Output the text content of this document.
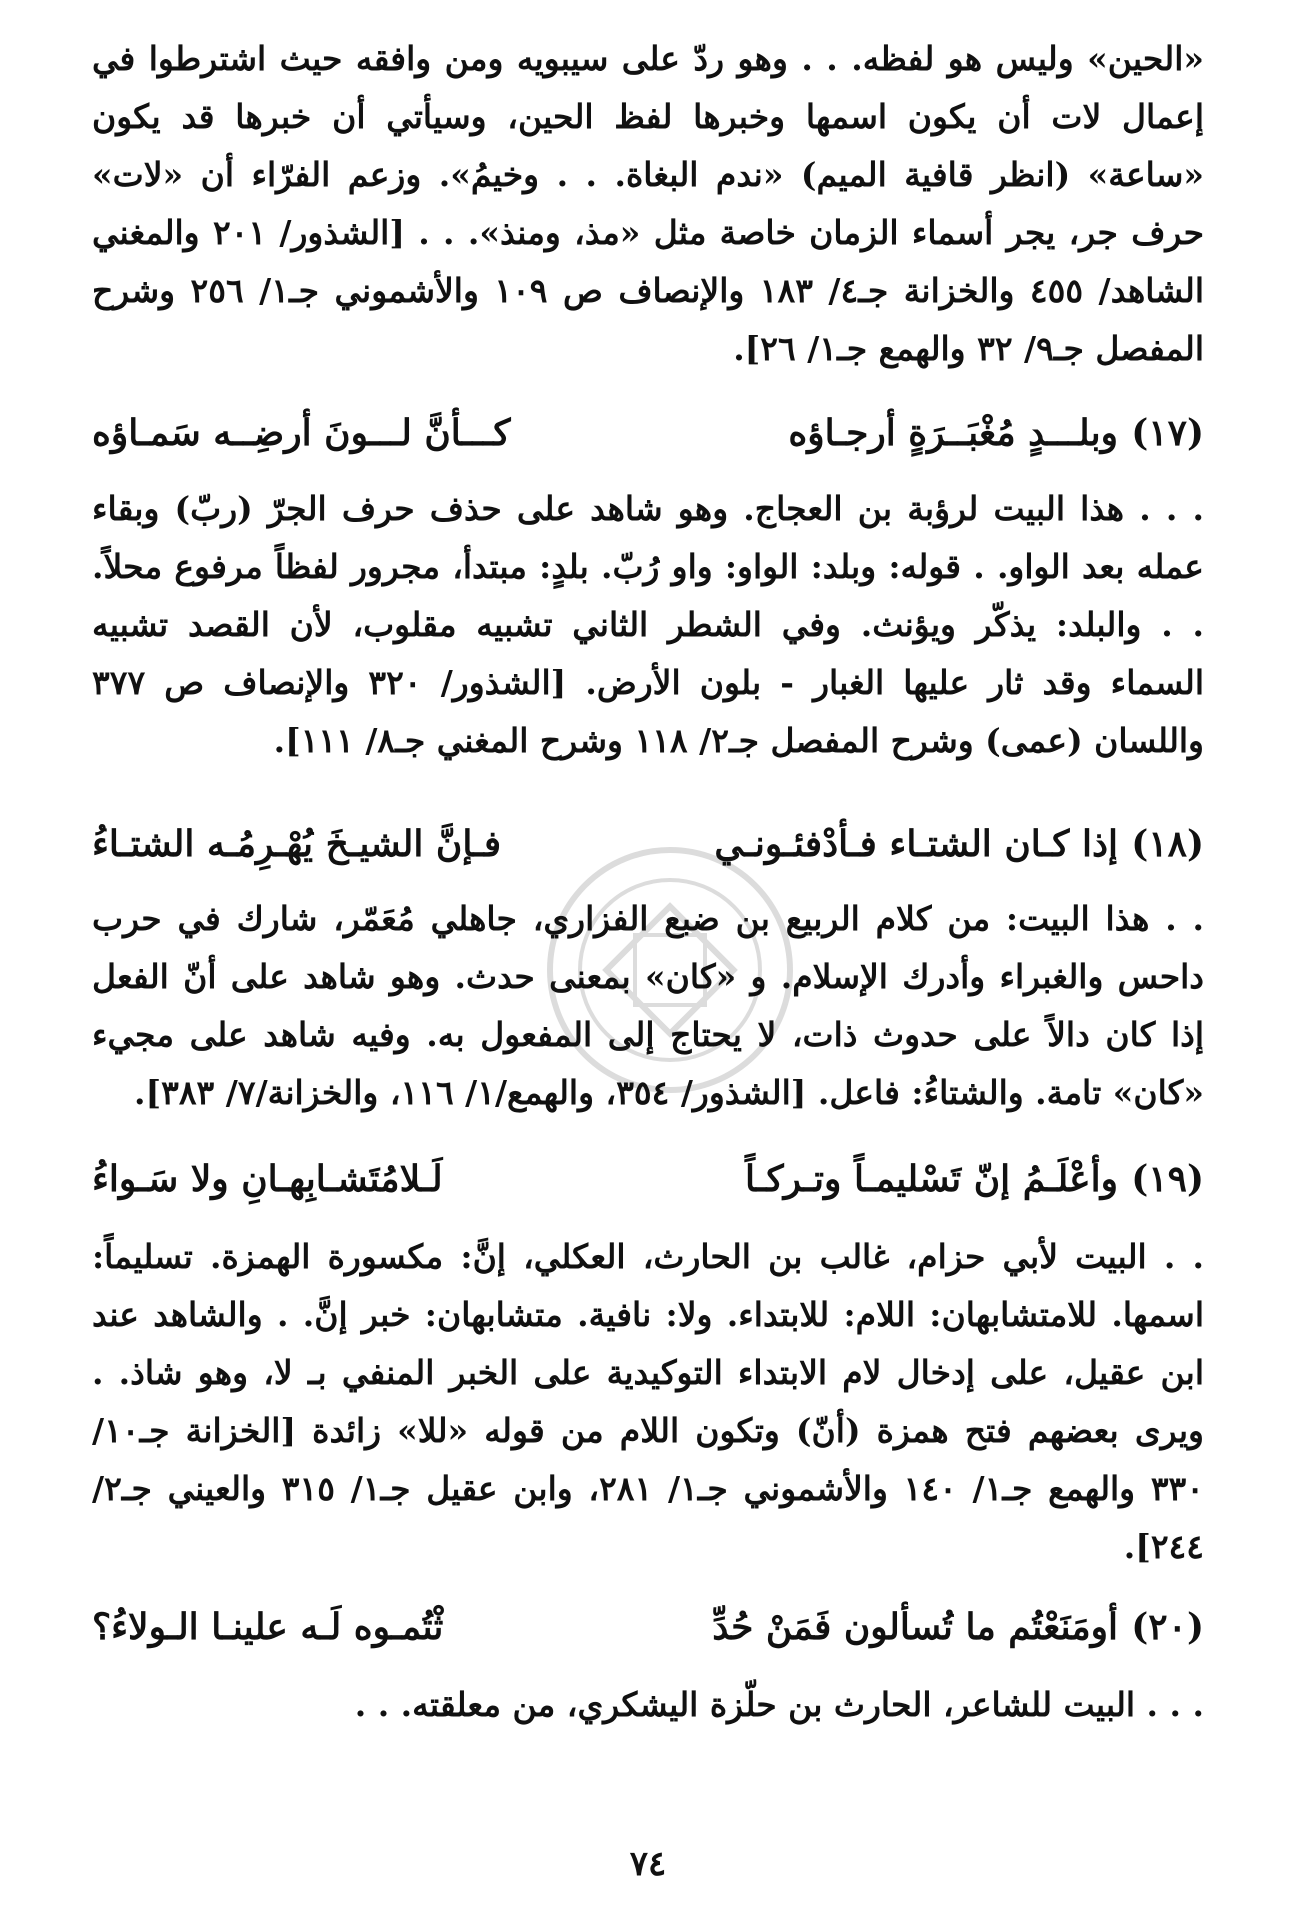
«الحين» وليس هو لفظه. . . وهو ردّ على سيبويه ومن وافقه حيث اشترطوا في إعمال لات أن يكون اسمها وخبرها لفظ الحين، وسيأتي أن خبرها قد يكون «ساعة» (انظر قافية الميم) «ندم البغاة. . . وخيمُ». وزعم الفرّاء أن «لات» حرف جر، يجر أسماء الزمان خاصة مثل «مذ، ومنذ». . . [الشذور/ ٢٠١ والمغني الشاهد/ ٤٥٥ والخزانة جـ٤/ ١٨٣ والإنصاف ص ١٠٩ والأشموني جـ١/ ٢٥٦ وشرح المفصل جـ٩/ ٣٢ والهمع جـ١/ ٢٦].
(١٧)
وبلـــدٍ مُغْبَــرَةٍ أرجـاؤه
كـــأنَّ لـــونَ أرضِــه سَمـاؤه
. . . هذا البيت لرؤبة بن العجاج. وهو شاهد على حذف حرف الجرّ (ربّ) وبقاء عمله بعد الواو. . قوله: وبلد: الواو: واو رُبّ. بلدٍ: مبتدأ، مجرور لفظاً مرفوع محلاً. . . والبلد: يذكّر ويؤنث. وفي الشطر الثاني تشبيه مقلوب، لأن القصد تشبيه السماء وقد ثار عليها الغبار - بلون الأرض. [الشذور/ ٣٢٠ والإنصاف ص ٣٧٧ واللسان (عمى) وشرح المفصل جـ٢/ ١١٨ وشرح المغني جـ٨/ ١١١].
(١٨)
إذا كـان الشتـاء فـأدْفئـونـي
فـإنَّ الشيـخَ يُهْـرِمُـه الشتـاءُ
. . هذا البيت: من كلام الربيع بن ضبع الفزاري، جاهلي مُعَمّر، شارك في حرب داحس والغبراء وأدرك الإسلام. و «كان» بمعنى حدث. وهو شاهد على أنّ الفعل إذا كان دالاً على حدوث ذات، لا يحتاج إلى المفعول به. وفيه شاهد على مجيء «كان» تامة. والشتاءُ: فاعل. [الشذور/ ٣٥٤، والهمع/١/ ١١٦، والخزانة/٧/ ٣٨٣].
(١٩)
وأعْلَـمُ إنّ تَسْليمـاً وتـركـاً
لَـلامُتَشـابِهـانِ ولا سَـواءُ
. . البيت لأبي حزام، غالب بن الحارث، العكلي، إنَّ: مكسورة الهمزة. تسليماً: اسمها. للامتشابهان: اللام: للابتداء. ولا: نافية. متشابهان: خبر إنَّ. . والشاهد عند ابن عقيل، على إدخال لام الابتداء التوكيدية على الخبر المنفي بـ لا، وهو شاذ. . ويرى بعضهم فتح همزة (أنّ) وتكون اللام من قوله «للا» زائدة [الخزانة جـ١٠/ ٣٣٠ والهمع جـ١/ ١٤٠ والأشموني جـ١/ ٢٨١، وابن عقيل جـ١/ ٣١٥ والعيني جـ٢/ ٢٤٤].
(٢٠)
أومَنَعْتُم ما تُسألون فَمَنْ حُدِّ
ثْتُمـوه لَـه علينـا الـولاءُ؟
. . . البيت للشاعر، الحارث بن حلّزة اليشكري، من معلقته. . .
٧٤
